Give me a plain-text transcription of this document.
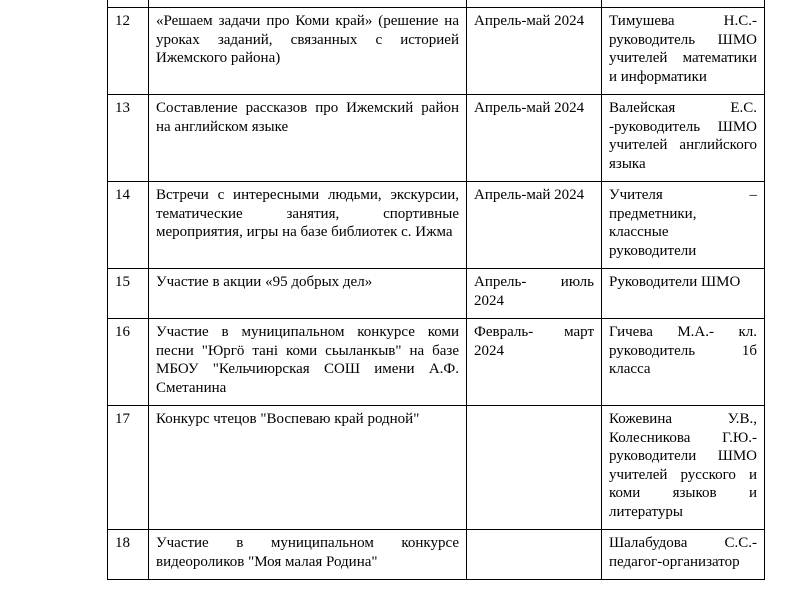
12	«Решаем задачи про Коми край» (решение на уроках заданий, связанных с историей Ижемского района)	Апрель-май 2024	Тимушева Н.С.-руководитель ШМО учителей математики и информатики
13	Составление рассказов про Ижемский район на английском языке	Апрель-май 2024	Валейская Е.С. -руководитель ШМО учителей английского языка
14	Встречи с интересными людьми, экскурсии, тематические занятия, спортивные мероприятия, игры на базе библиотек с. Ижма	Апрель-май 2024	Учителя – предметники, классные руководители
15	Участие в акции «95 добрых дел»	Апрель- июль 2024	Руководители ШМО
16	Участие в муниципальном конкурсе коми песни "Юргӧ тані коми сьыланкыв" на базе МБОУ "Кельчиюрская СОШ имени А.Ф. Сметанина	Февраль- март 2024	Гичева М.А.- кл. руководитель 1б класса
17	Конкурс чтецов "Воспеваю край родной"		Кожевина У.В., Колесникова Г.Ю.-руководители ШМО учителей русского и коми языков и литературы
18	Участие в муниципальном конкурсе видеороликов "Моя малая Родина"		Шалабудова С.С.-педагог-организатор
